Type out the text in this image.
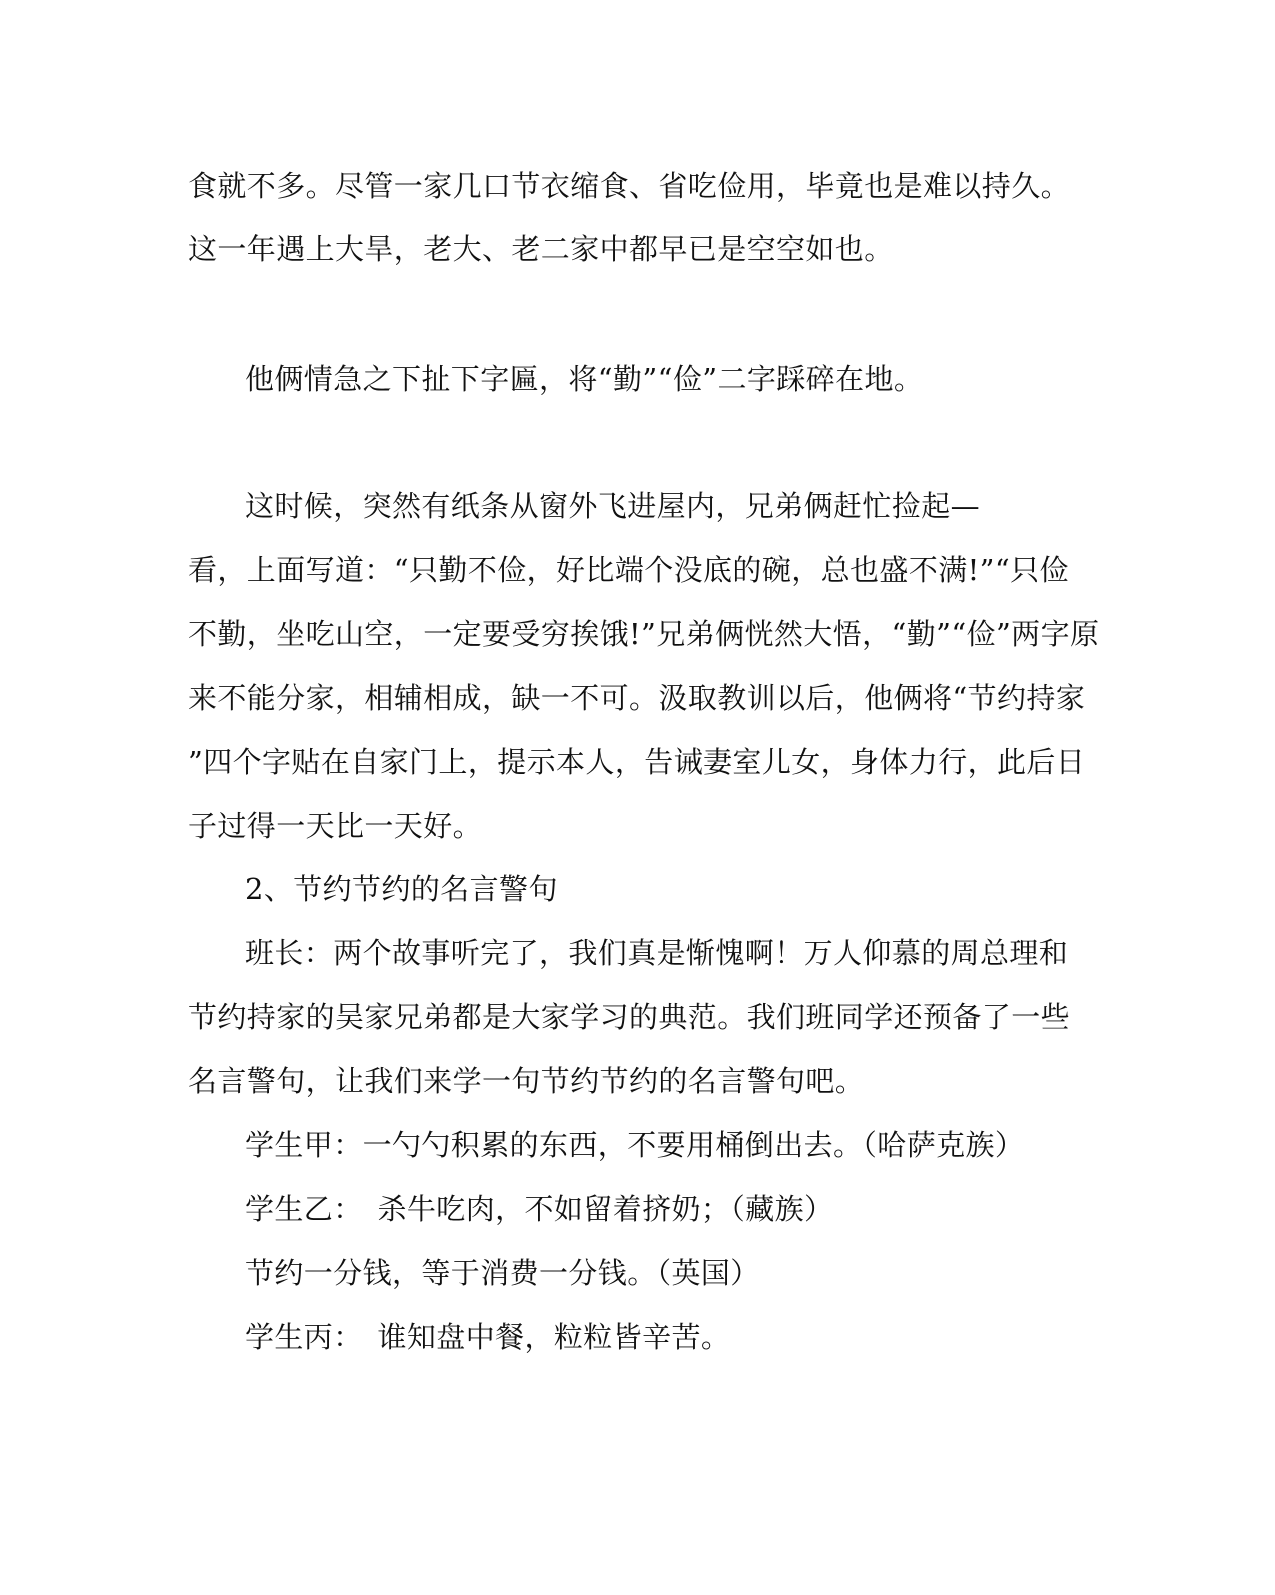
食就不多。尽管一家几口节衣缩食、省吃俭用，毕竟也是难以持久。
这一年遇上大旱，老大、老二家中都早已是空空如也。
他俩情急之下扯下字匾，将“勤”“俭”二字踩碎在地。
这时候，突然有纸条从窗外飞进屋内，兄弟俩赶忙捡起—
看，上面写道：“只勤不俭，好比端个没底的碗，总也盛不满!”“只俭
不勤，坐吃山空，一定要受穷挨饿!”兄弟俩恍然大悟，“勤”“俭”两字原
来不能分家，相辅相成，缺一不可。汲取教训以后，他俩将“节约持家
”四个字贴在自家门上，提示本人，告诫妻室儿女，身体力行，此后日
子过得一天比一天好。
2、节约节约的名言警句
班长：两个故事听完了，我们真是惭愧啊！万人仰慕的周总理和
节约持家的吴家兄弟都是大家学习的典范。我们班同学还预备了一些
名言警句，让我们来学一句节约节约的名言警句吧。
学生甲：一勺勺积累的东西，不要用桶倒出去。（哈萨克族）
学生乙：　杀牛吃肉，不如留着挤奶；（藏族）
节约一分钱，等于消费一分钱。（英国）
学生丙：　谁知盘中餐，粒粒皆辛苦。
